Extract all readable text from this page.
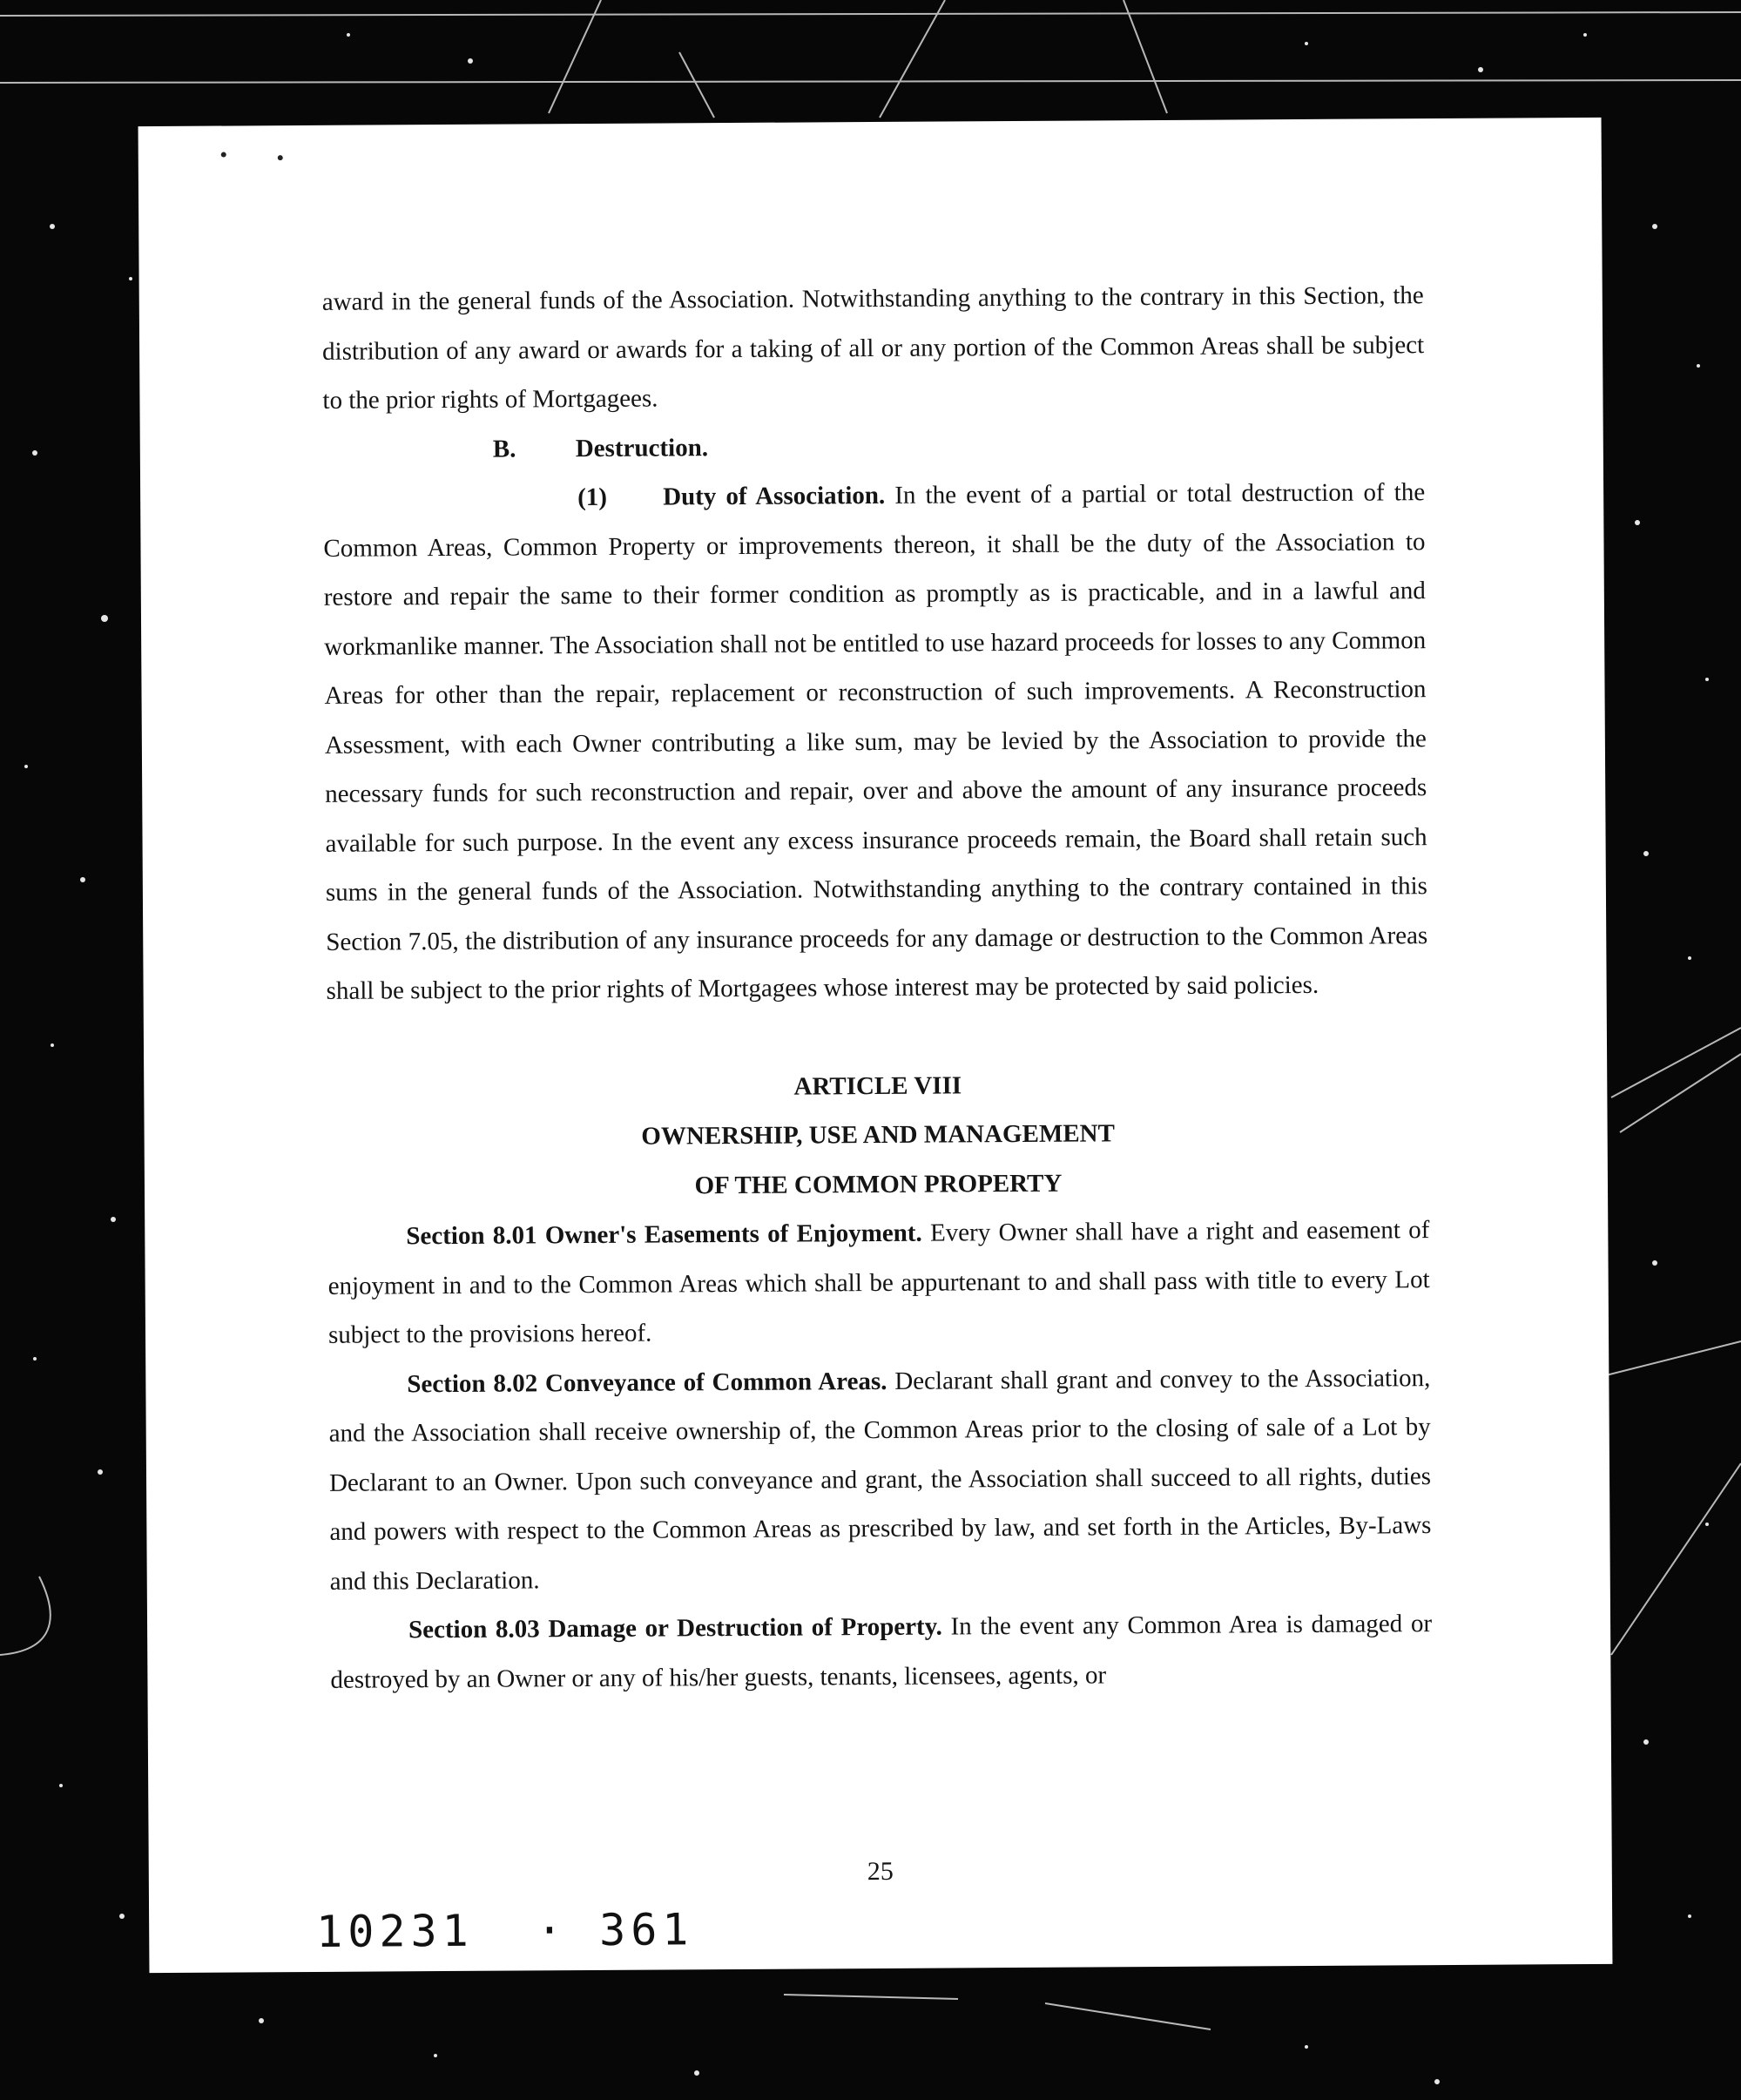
award in the general funds of the Association. Notwithstanding anything to the contrary in this Section, the distribution of any award or awards for a taking of all or any portion of the Common Areas shall be subject to the prior rights of Mortgagees.

B. Destruction.

(1) Duty of Association. In the event of a partial or total destruction of the Common Areas, Common Property or improvements thereon, it shall be the duty of the Association to restore and repair the same to their former condition as promptly as is practicable, and in a lawful and workmanlike manner. The Association shall not be entitled to use hazard proceeds for losses to any Common Areas for other than the repair, replacement or reconstruction of such improvements. A Reconstruction Assessment, with each Owner contributing a like sum, may be levied by the Association to provide the necessary funds for such reconstruction and repair, over and above the amount of any insurance proceeds available for such purpose. In the event any excess insurance proceeds remain, the Board shall retain such sums in the general funds of the Association. Notwithstanding anything to the contrary contained in this Section 7.05, the distribution of any insurance proceeds for any damage or destruction to the Common Areas shall be subject to the prior rights of Mortgagees whose interest may be protected by said policies.

ARTICLE VIII
OWNERSHIP, USE AND MANAGEMENT
OF THE COMMON PROPERTY

Section 8.01 Owner's Easements of Enjoyment. Every Owner shall have a right and easement of enjoyment in and to the Common Areas which shall be appurtenant to and shall pass with title to every Lot subject to the provisions hereof.

Section 8.02 Conveyance of Common Areas. Declarant shall grant and convey to the Association, and the Association shall receive ownership of, the Common Areas prior to the closing of sale of a Lot by Declarant to an Owner. Upon such conveyance and grant, the Association shall succeed to all rights, duties and powers with respect to the Common Areas as prescribed by law, and set forth in the Articles, By-Laws and this Declaration.

Section 8.03 Damage or Destruction of Property. In the event any Common Area is damaged or destroyed by an Owner or any of his/her guests, tenants, licensees, agents, or

25
10231  · 361
